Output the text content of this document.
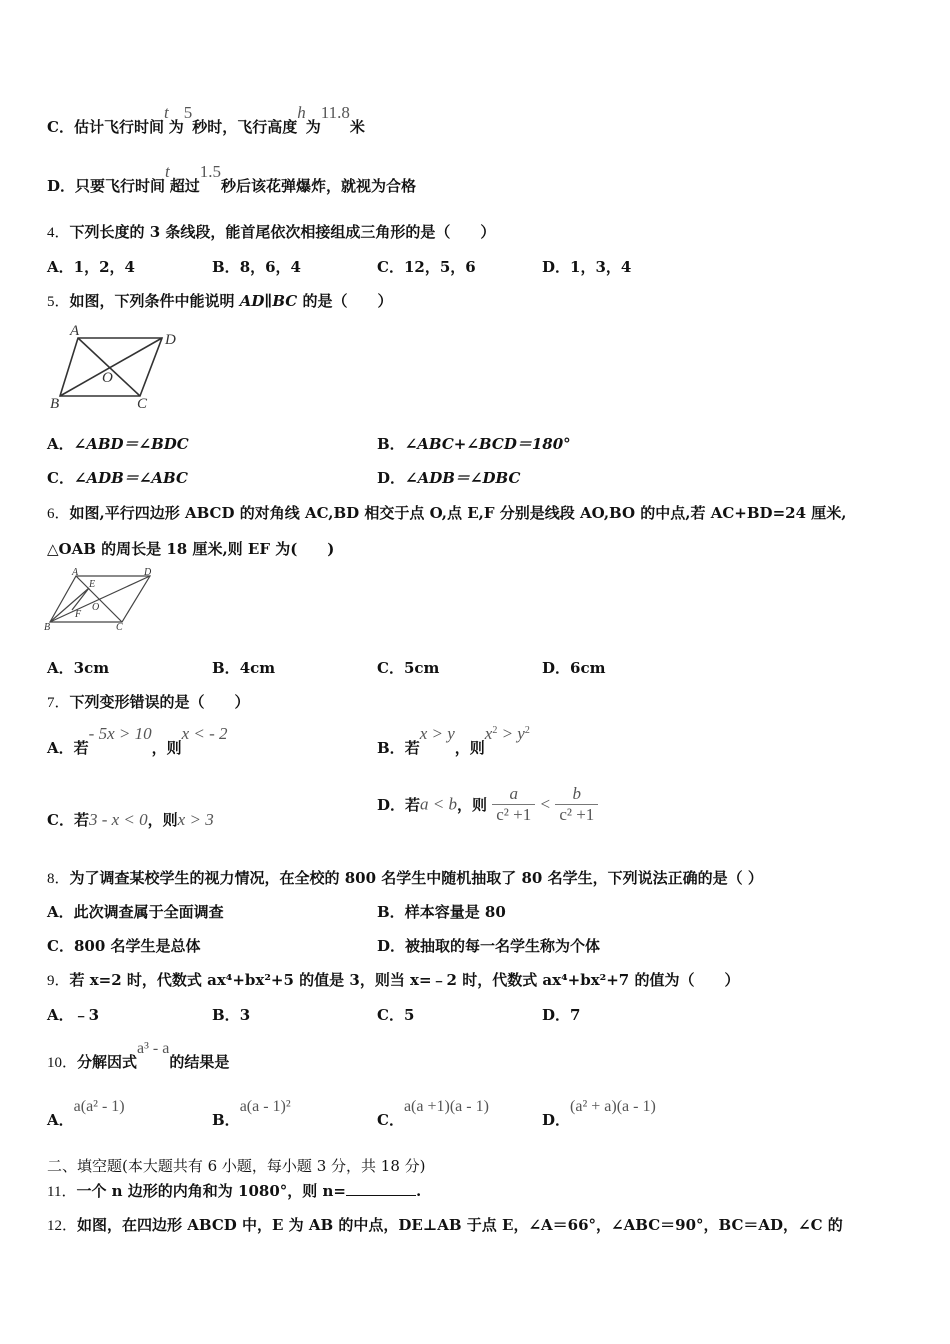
C．估计飞行时间t为5秒时，飞行高度h为11.8米
D．只要飞行时间t超过1.5秒后该花弹爆炸，就视为合格
4．下列长度的 3 条线段，能首尾依次相接组成三角形的是（　　）
A．1，2，4	B．8，6，4	C．12，5，6	D．1，3，4
5．如图，下列条件中能说明 AD∥BC 的是（　　）
A
D
O
B	C
A．∠ABD＝∠BDC	B．∠ABC+∠BCD＝180°
C．∠ADB＝∠ABC	D．∠ADB＝∠DBC
6．如图,平行四边形 ABCD 的对角线 AC,BD 相交于点 O,点 E,F 分别是线段 AO,BO 的中点,若 AC+BD=24 厘米,
△OAB 的周长是 18 厘米,则 EF 为(　　)
A	D
E
O
F
B	C
A．3cm	B．4cm	C．5cm	D．6cm
7．下列变形错误的是（　　）
A．若- 5x > 10，则x < - 2
B．若x > y，则$x^2 > y^2$
C．若3 - x < 0，则x > 3
D．若a < b，则 $\frac{a}{\text{c² +1}} < \frac{b}{\text{c² +1}}$
8．为了调查某校学生的视力情况，在全校的 800 名学生中随机抽取了 80 名学生，下列说法正确的是（ ）
A．此次调查属于全面调查	B．样本容量是 80
C．800 名学生是总体	D．被抽取的每一名学生称为个体
9．若 x=2 时，代数式 ax⁴+bx²+5 的值是 3，则当 x=﹣2 时，代数式 ax⁴+bx²+7 的值为（　　）
A．﹣3	B．3	C．5	D．7
10．分解因式a³ - a的结果是
A．a(a² - 1)
B．a(a - 1)²
C．a(a +1)(a - 1)
D．(a² + a)(a - 1)
二、填空题(本大题共有 6 小题，每小题 3 分，共 18 分)
11．一个 n 边形的内角和为 1080°，则 n=	.
12．如图，在四边形 ABCD 中，E 为 AB 的中点，DE⊥AB 于点 E，∠A＝66°，∠ABC＝90°，BC＝AD，∠C 的
